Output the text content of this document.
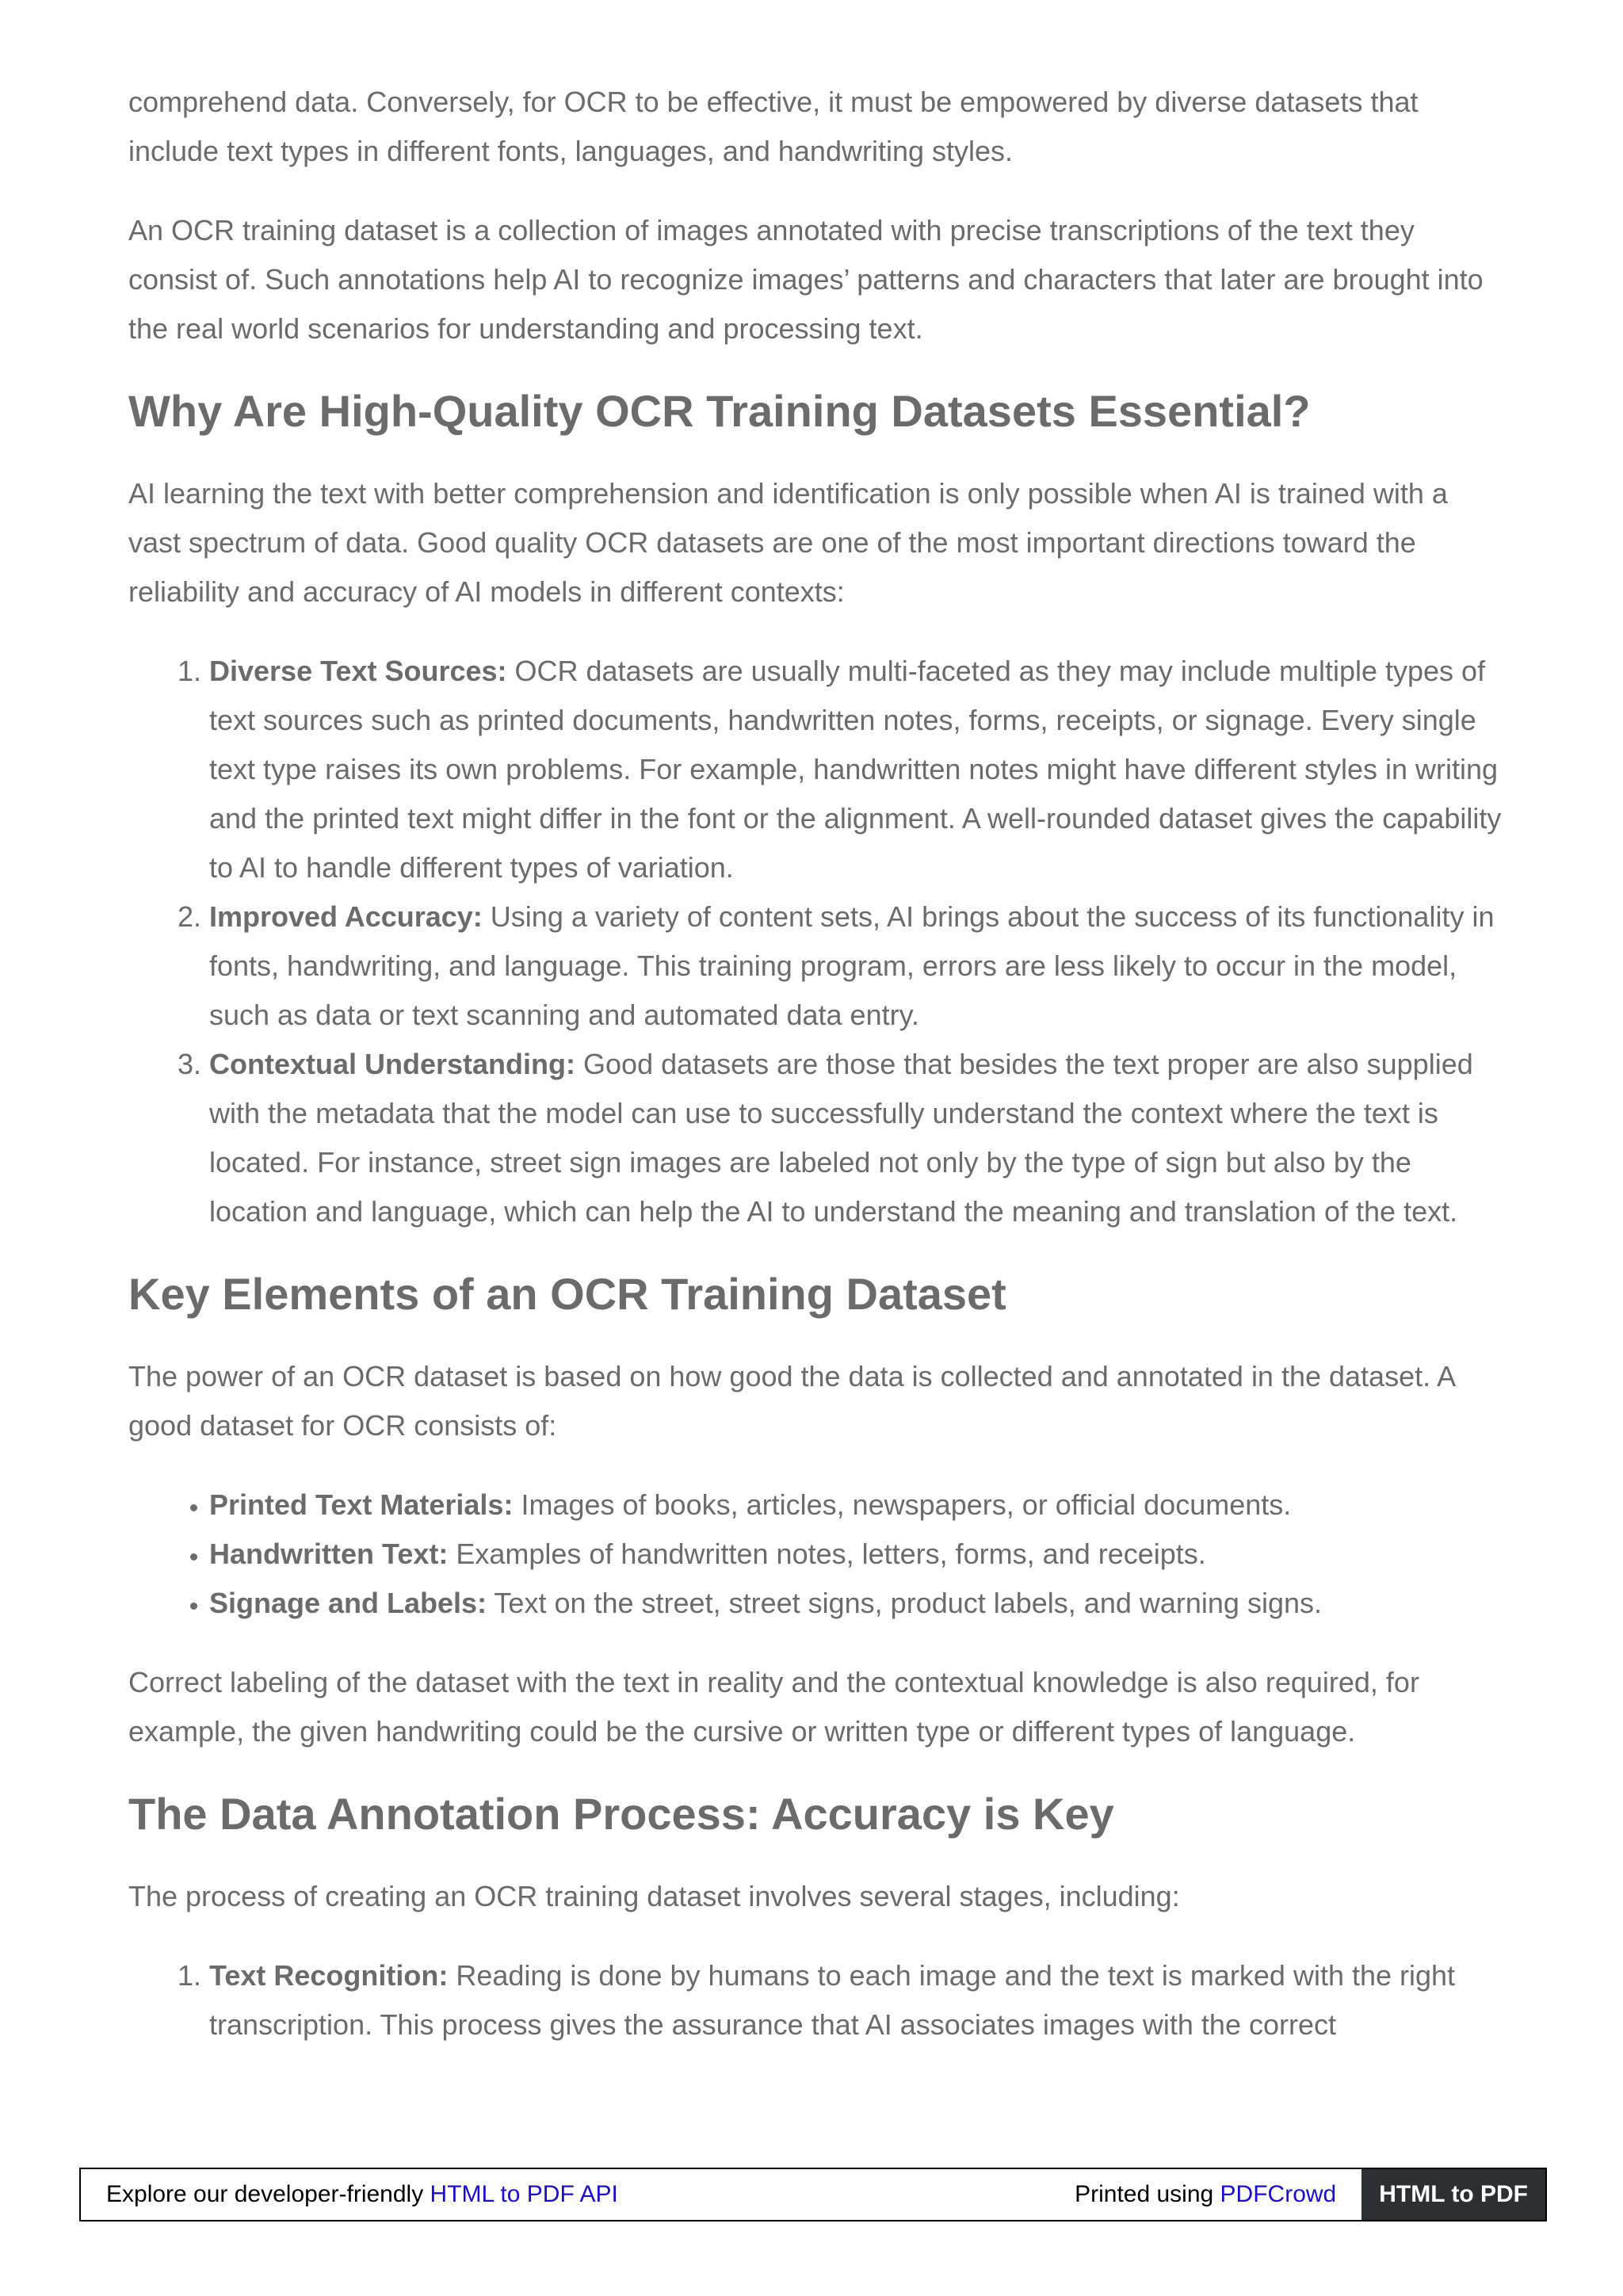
comprehend data. Conversely, for OCR to be effective, it must be empowered by diverse datasets that include text types in different fonts, languages, and handwriting styles.

An OCR training dataset is a collection of images annotated with precise transcriptions of the text they consist of. Such annotations help AI to recognize images’ patterns and characters that later are brought into the real world scenarios for understanding and processing text.

Why Are High-Quality OCR Training Datasets Essential?

AI learning the text with better comprehension and identification is only possible when AI is trained with a vast spectrum of data. Good quality OCR datasets are one of the most important directions toward the reliability and accuracy of AI models in different contexts:

1. Diverse Text Sources: OCR datasets are usually multi-faceted as they may include multiple types of text sources such as printed documents, handwritten notes, forms, receipts, or signage. Every single text type raises its own problems. For example, handwritten notes might have different styles in writing and the printed text might differ in the font or the alignment. A well-rounded dataset gives the capability to AI to handle different types of variation.
2. Improved Accuracy: Using a variety of content sets, AI brings about the success of its functionality in fonts, handwriting, and language. This training program, errors are less likely to occur in the model, such as data or text scanning and automated data entry.
3. Contextual Understanding: Good datasets are those that besides the text proper are also supplied with the metadata that the model can use to successfully understand the context where the text is located. For instance, street sign images are labeled not only by the type of sign but also by the location and language, which can help the AI to understand the meaning and translation of the text.
Key Elements of an OCR Training Dataset

The power of an OCR dataset is based on how good the data is collected and annotated in the dataset. A good dataset for OCR consists of:

• Printed Text Materials: Images of books, articles, newspapers, or official documents.
• Handwritten Text: Examples of handwritten notes, letters, forms, and receipts.
• Signage and Labels: Text on the street, street signs, product labels, and warning signs.

Correct labeling of the dataset with the text in reality and the contextual knowledge is also required, for example, the given handwriting could be the cursive or written type or different types of language.

The Data Annotation Process: Accuracy is Key

The process of creating an OCR training dataset involves several stages, including:

1. Text Recognition: Reading is done by humans to each image and the text is marked with the right transcription. This process gives the assurance that AI associates images with the correct
Explore our developer-friendly HTML to PDF API	Printed using PDFCrowd	HTML to PDF
